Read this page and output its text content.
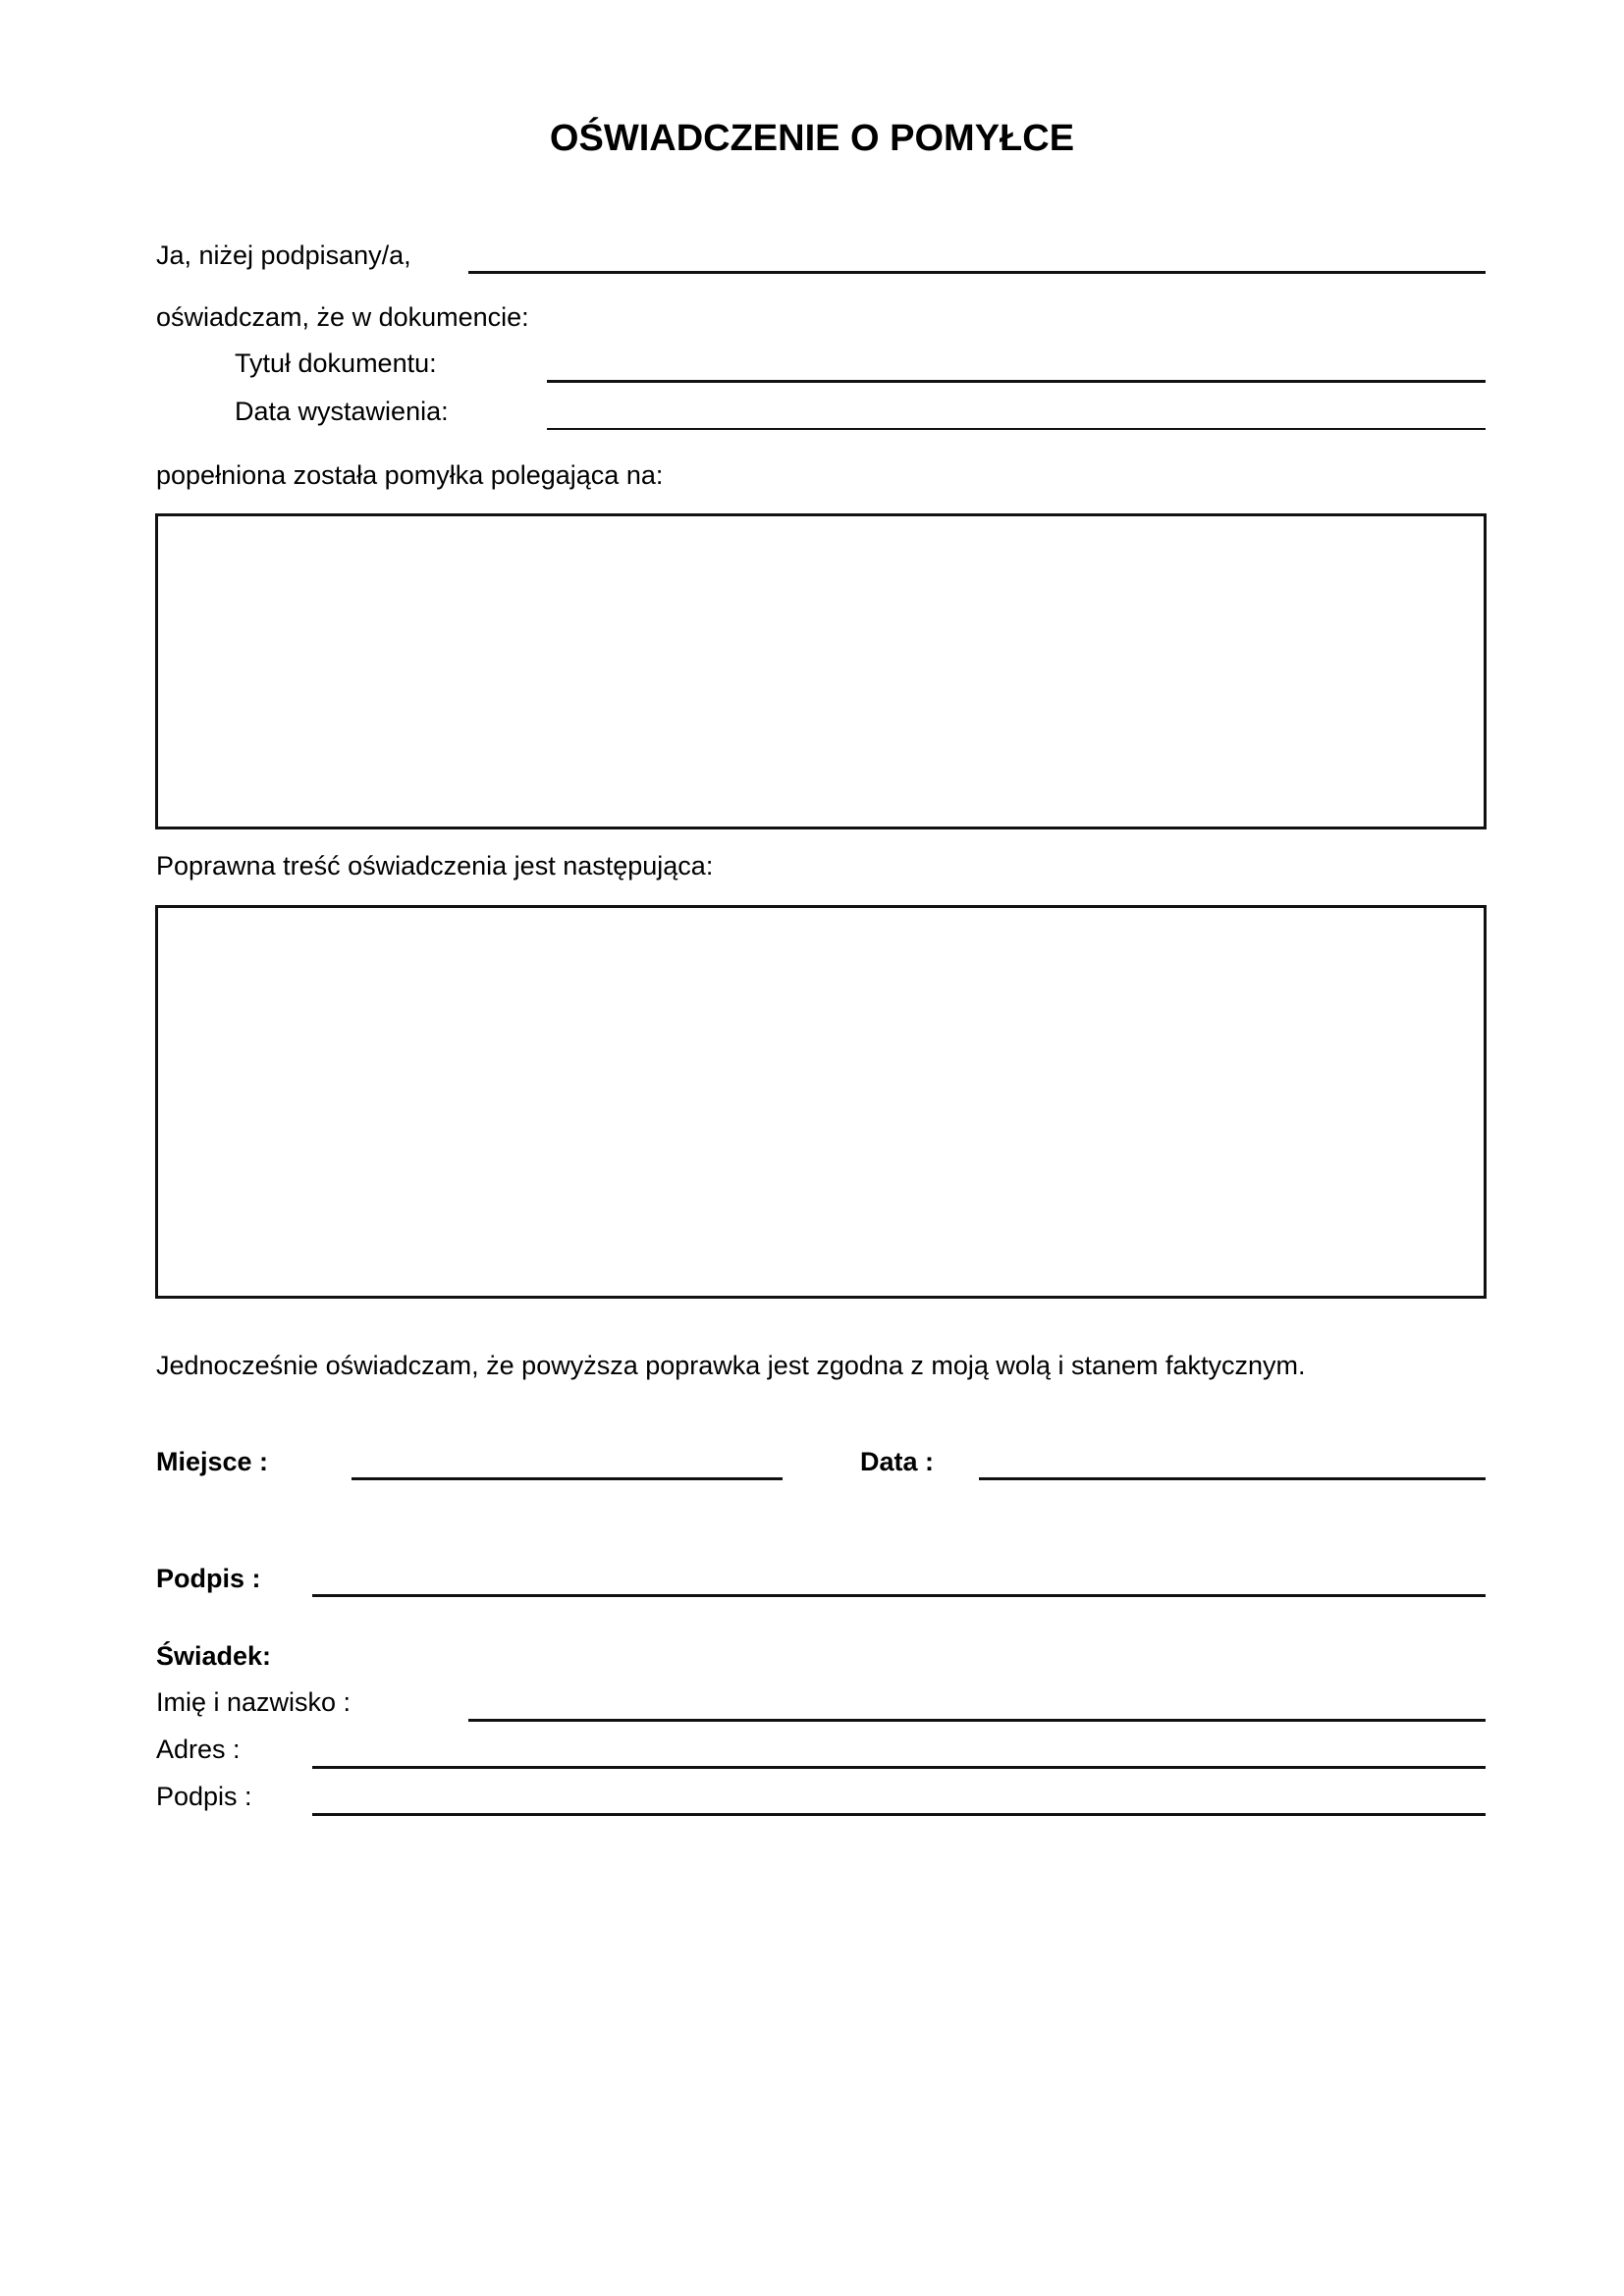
OŚWIADCZENIE O POMYŁCE
Ja, niżej podpisany/a,
oświadczam, że w dokumencie:
Tytuł dokumentu:
Data wystawienia:
popełniona została pomyłka polegająca na:
Poprawna treść oświadczenia jest następująca:
Jednocześnie oświadczam, że powyższa poprawka jest zgodna z moją wolą i stanem faktycznym.
Miejsce :	Data :
Podpis :
Świadek:
Imię i nazwisko :
Adres :
Podpis :
